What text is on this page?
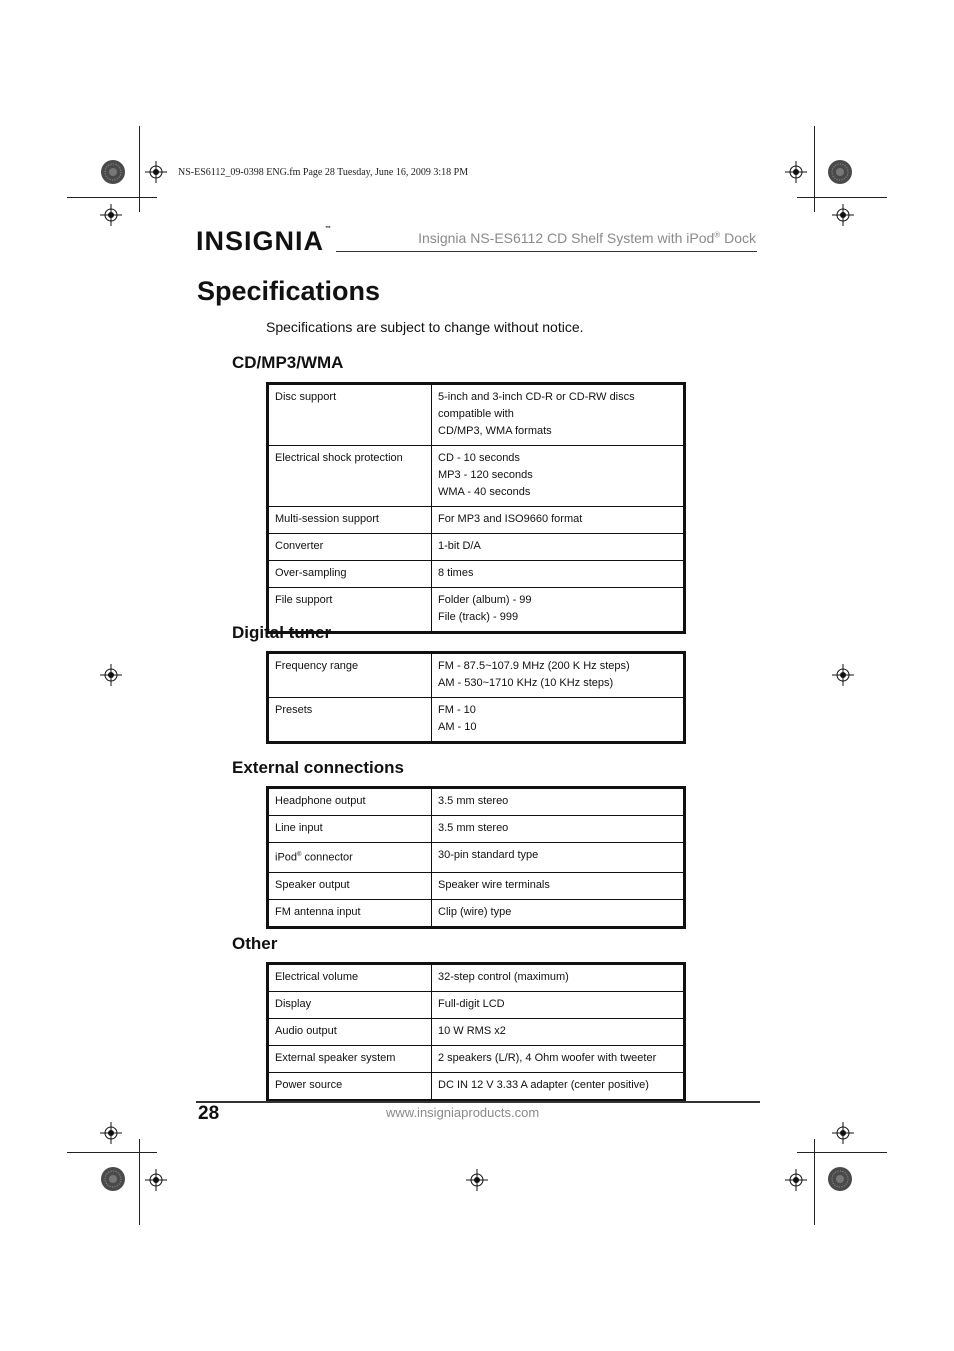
NS-ES6112_09-0398 ENG.fm Page 28 Tuesday, June 16, 2009 3:18 PM
INSIGNIA™
Insignia NS-ES6112 CD Shelf System with iPod® Dock
Specifications
Specifications are subject to change without notice.
CD/MP3/WMA
Disc support	5-inch and 3-inch CD-R or CD-RW discs compatible with
CD/MP3, WMA formats

Electrical shock protection	CD - 10 seconds
MP3 - 120 seconds
WMA - 40 seconds

Multi-session support	For MP3 and ISO9660 format

Converter	1-bit D/A

Over-sampling	8 times

File support	Folder (album) - 99
File (track) - 999
Digital tuner
Frequency range	FM - 87.5~107.9 MHz (200 K Hz steps)
AM - 530~1710 KHz (10 KHz steps)

Presets	FM - 10
AM - 10
External connections
Headphone output	3.5 mm stereo

Line input	3.5 mm stereo

iPod® connector	30-pin standard type

Speaker output	Speaker wire terminals

FM antenna input	Clip (wire) type
Other
Electrical volume	32-step control (maximum)

Display	Full-digit LCD

Audio output	10 W RMS x2

External speaker system	2 speakers (L/R), 4 Ohm woofer with tweeter

Power source	DC IN 12 V 3.33 A adapter (center positive)
28	www.insigniaproducts.com
